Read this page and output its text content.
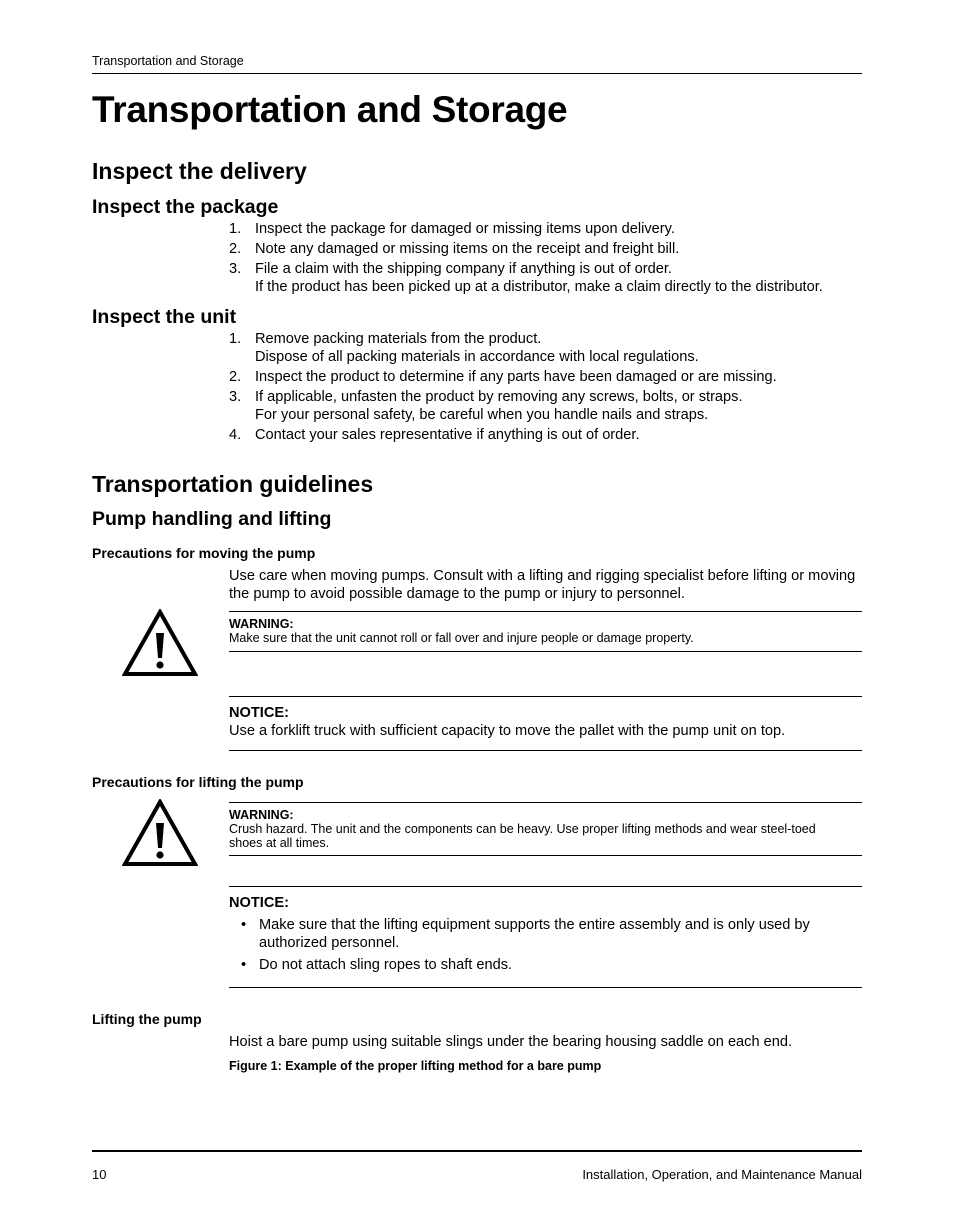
Transportation and Storage
Transportation and Storage
Inspect the delivery
Inspect the package
1. Inspect the package for damaged or missing items upon delivery.
2. Note any damaged or missing items on the receipt and freight bill.
3. File a claim with the shipping company if anything is out of order.
If the product has been picked up at a distributor, make a claim directly to the distributor.
Inspect the unit
1. Remove packing materials from the product.
Dispose of all packing materials in accordance with local regulations.
2. Inspect the product to determine if any parts have been damaged or are missing.
3. If applicable, unfasten the product by removing any screws, bolts, or straps.
For your personal safety, be careful when you handle nails and straps.
4. Contact your sales representative if anything is out of order.
Transportation guidelines
Pump handling and lifting
Precautions for moving the pump
Use care when moving pumps. Consult with a lifting and rigging specialist before lifting or moving the pump to avoid possible damage to the pump or injury to personnel.
WARNING:
Make sure that the unit cannot roll or fall over and injure people or damage property.
NOTICE:
Use a forklift truck with sufficient capacity to move the pallet with the pump unit on top.
Precautions for lifting the pump
WARNING:
Crush hazard. The unit and the components can be heavy. Use proper lifting methods and wear steel-toed shoes at all times.
NOTICE:
• Make sure that the lifting equipment supports the entire assembly and is only used by authorized personnel.
• Do not attach sling ropes to shaft ends.
Lifting the pump
Hoist a bare pump using suitable slings under the bearing housing saddle on each end.
Figure 1: Example of the proper lifting method for a bare pump
10	Installation, Operation, and Maintenance Manual
